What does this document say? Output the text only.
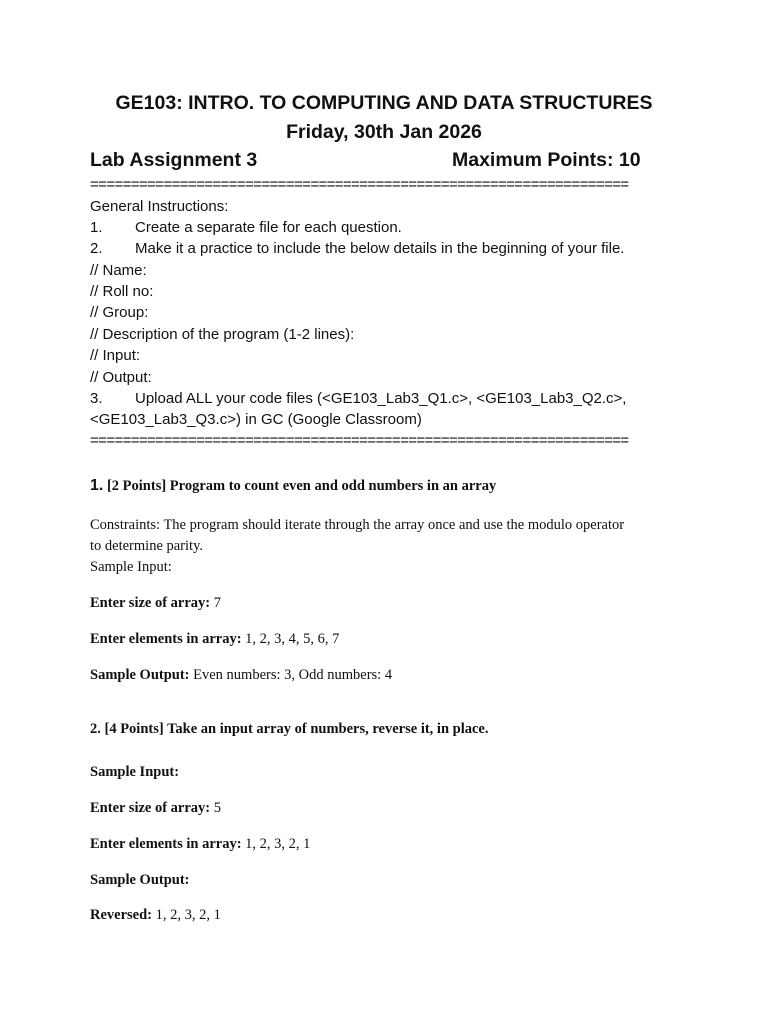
GE103: INTRO. TO COMPUTING AND DATA STRUCTURES
Friday, 30th Jan 2026
Lab Assignment 3	Maximum Points: 10
==================================================================
General Instructions:
1. Create a separate file for each question.
2. Make it a practice to include the below details in the beginning of your file.
// Name:
// Roll no:
// Group:
// Description of the program (1-2 lines):
// Input:
// Output:
3. Upload ALL your code files (<GE103_Lab3_Q1.c>, <GE103_Lab3_Q2.c>,
<GE103_Lab3_Q3.c>) in GC (Google Classroom)
==================================================================
1. [2 Points] Program to count even and odd numbers in an array
Constraints: The program should iterate through the array once and use the modulo operator
to determine parity.
Sample Input:
Enter size of array: 7
Enter elements in array: 1, 2, 3, 4, 5, 6, 7
Sample Output: Even numbers: 3, Odd numbers: 4
2. [4 Points] Take an input array of numbers, reverse it, in place.
Sample Input:
Enter size of array: 5
Enter elements in array: 1, 2, 3, 2, 1
Sample Output:
Reversed: 1, 2, 3, 2, 1
